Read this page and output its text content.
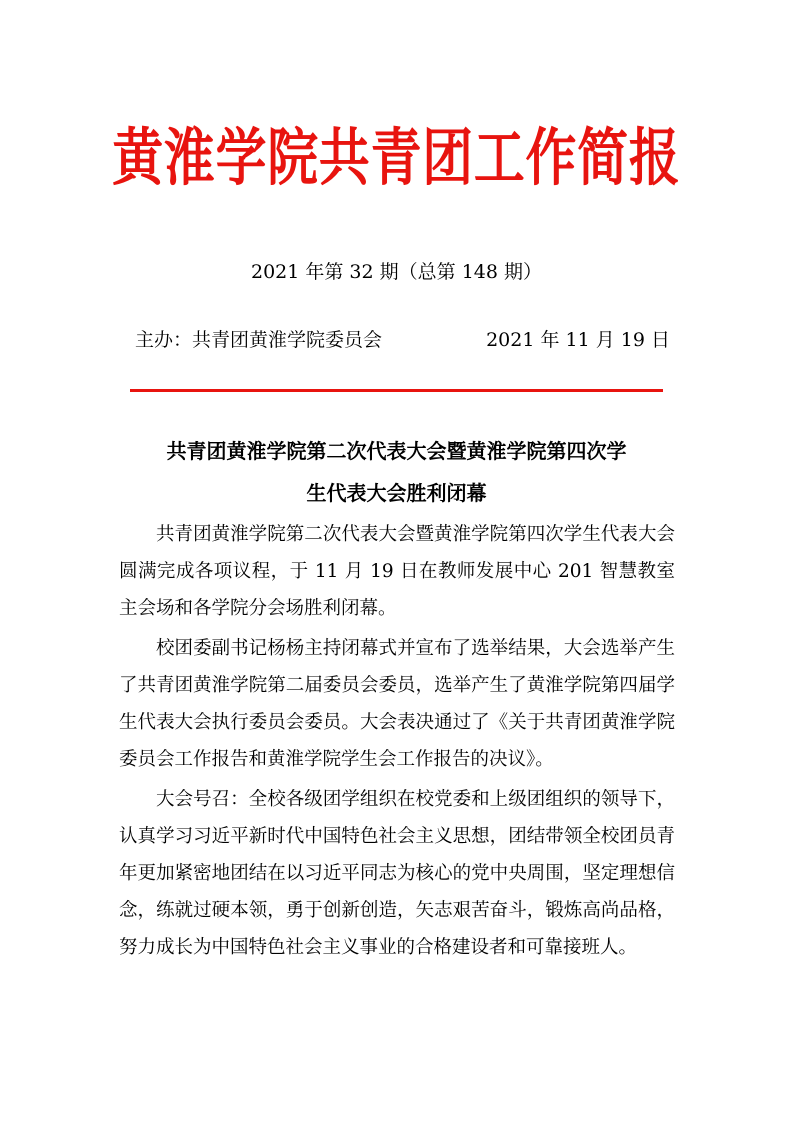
黄淮学院共青团工作简报
2021 年第 32 期（总第 148 期）
主办：共青团黄淮学院委员会	2021 年 11 月 19 日
共青团黄淮学院第二次代表大会暨黄淮学院第四次学
生代表大会胜利闭幕

共青团黄淮学院第二次代表大会暨黄淮学院第四次学生代表大会圆满完成各项议程，于 11 月 19 日在教师发展中心 201 智慧教室主会场和各学院分会场胜利闭幕。

校团委副书记杨杨主持闭幕式并宣布了选举结果，大会选举产生了共青团黄淮学院第二届委员会委员，选举产生了黄淮学院第四届学生代表大会执行委员会委员。大会表决通过了《关于共青团黄淮学院委员会工作报告和黄淮学院学生会工作报告的决议》。

大会号召：全校各级团学组织在校党委和上级团组织的领导下，认真学习习近平新时代中国特色社会主义思想，团结带领全校团员青年更加紧密地团结在以习近平同志为核心的党中央周围，坚定理想信念，练就过硬本领，勇于创新创造，矢志艰苦奋斗，锻炼高尚品格，努力成长为中国特色社会主义事业的合格建设者和可靠接班人。
